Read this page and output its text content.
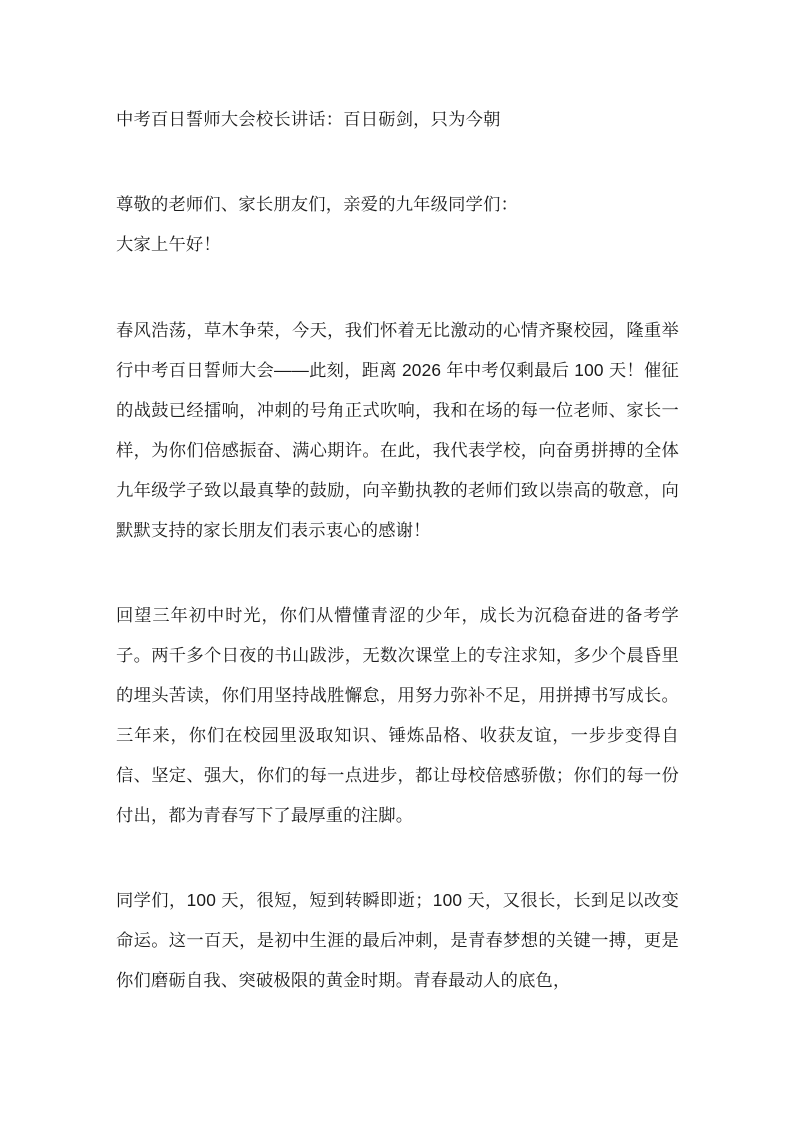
中考百日誓师大会校长讲话：百日砺剑，只为今朝

尊敬的老师们、家长朋友们，亲爱的九年级同学们：

大家上午好！

春风浩荡，草木争荣，今天，我们怀着无比激动的心情齐聚校园，隆重举行中考百日誓师大会——此刻，距离 2026 年中考仅剩最后 100 天！催征的战鼓已经擂响，冲刺的号角正式吹响，我和在场的每一位老师、家长一样，为你们倍感振奋、满心期许。在此，我代表学校，向奋勇拼搏的全体九年级学子致以最真挚的鼓励，向辛勤执教的老师们致以崇高的敬意，向默默支持的家长朋友们表示衷心的感谢！

回望三年初中时光，你们从懵懂青涩的少年，成长为沉稳奋进的备考学子。两千多个日夜的书山跋涉，无数次课堂上的专注求知，多少个晨昏里的埋头苦读，你们用坚持战胜懈怠，用努力弥补不足，用拼搏书写成长。三年来，你们在校园里汲取知识、锤炼品格、收获友谊，一步步变得自信、坚定、强大，你们的每一点进步，都让母校倍感骄傲；你们的每一份付出，都为青春写下了最厚重的注脚。

同学们，100 天，很短，短到转瞬即逝；100 天，又很长，长到足以改变命运。这一百天，是初中生涯的最后冲刺，是青春梦想的关键一搏，更是你们磨砺自我、突破极限的黄金时期。青春最动人的底色，
